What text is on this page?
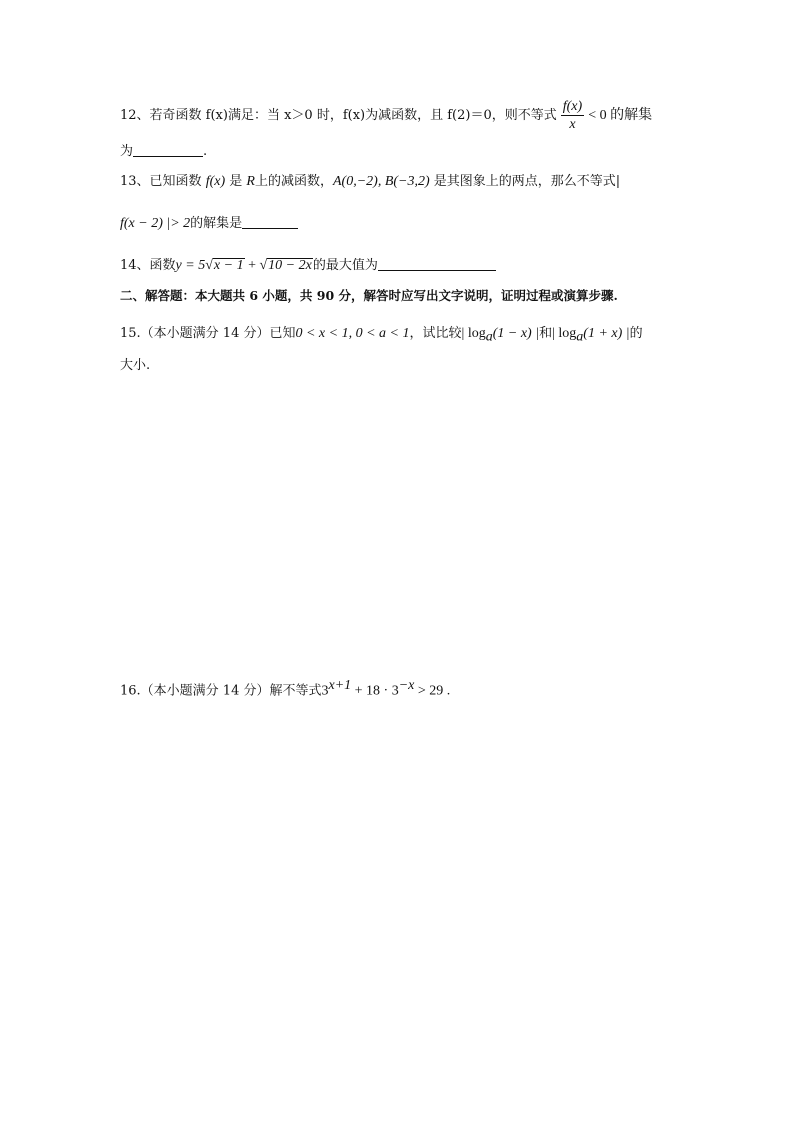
12、若奇函数 f(x)满足：当 x＞0 时，f(x)为减函数，且 f(2)＝0，则不等式 $\frac{f(x)}{x} < 0$ 的解集
为	.
13、已知函数 f(x) 是 R上的减函数，A(0,−2), B(−3,2) 是其图象上的两点，那么不等式|
f(x − 2) |> 2的解集是
14、函数y = 5√x − 1 + √10 − 2x的最大值为
二、解答题：本大题共 6 小题，共 90 分，解答时应写出文字说明，证明过程或演算步骤.
15.（本小题满分 14 分）已知0 < x < 1, 0 < a < 1，试比较| $\log_a(1 - x)$ |和| $\log_a(1 + x)$ |的
大小.
16.（本小题满分 14 分）解不等式$3^{x+1} + 18 \cdot 3^{-x} > 29$ .
